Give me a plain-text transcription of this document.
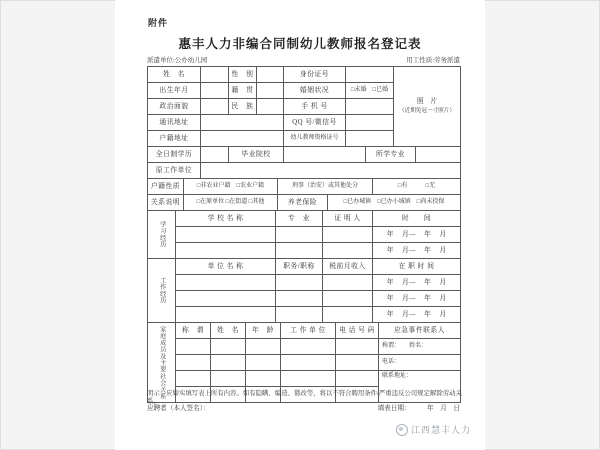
附件
惠丰人力非编合同制幼儿教师报名登记表
派遣单位:公办幼儿园	用工性质:劳务派遣
姓　名		性　别		身份证号		照　片
（近期免冠一寸照片）

出生年月		籍　贯		婚姻状况	□未婚　□已婚	
政治面貌		民　族		手 机 号		
通讯地址				QQ 号/微信号		
户籍地址				幼儿教师资格证号		
全日制学历		毕业院校		所学专业	
原工作单位	
户籍性质	□非农业户籍　□农业户籍	刑事（治安）或其他处分	□有　　　□无
关系说明	□在原单位 □在街道 □其他	养老保险	□已办城镇　□已办小城镇　□尚未投保
学习经历	学 校 名 称	专　业	证 明 人	时　　间
				年　 月—　 年　 月
				年　 月—　 年　 月
工作经历	单 位 名 称	职务/职称	税前月收入	在 职 时 间
				年　 月—　 年　 月
				年　 月—　 年　 月
				年　 月—　 年　 月
家庭成员及主要社会关系	称　谓	姓　名	年　龄	工 作 单 位	电 话 号 码	应急事件联系人
						称谓：　　姓名：
						电话：
						联系地址：

明示：应如实填写表上所有内容。如有隐瞒、编造、篡改等，将以不符合聘用条件/严重违反公司规定解除劳动关系。
应聘者（本人签名）：	填表日期：　　　年　月　日
江西慧丰人力
